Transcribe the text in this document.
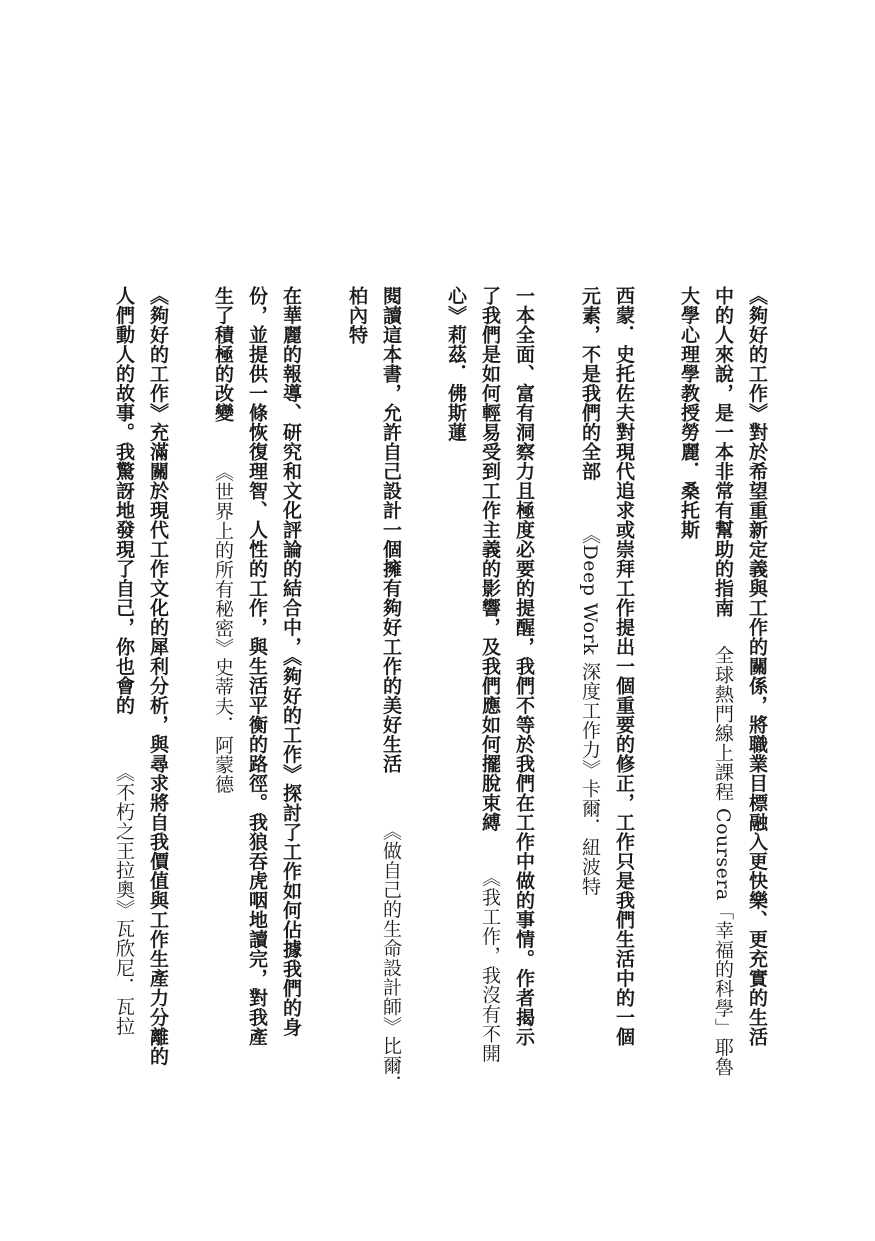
《夠好的工作》對於希望重新定義與工作的關係，將職業目標融入更快樂、更充實的生活
中的人來說，是一本非常有幫助的指南全球熱門線上課程 Coursera「幸福的科學」耶魯
大學心理學教授勞麗．桑托斯
西蒙．史托佐夫對現代追求或崇拜工作提出一個重要的修正，工作只是我們生活中的一個
元素，不是我們的全部《Deep Work 深度工作力》卡爾．紐波特
一本全面、富有洞察力且極度必要的提醒，我們不等於我們在工作中做的事情。作者揭示
了我們是如何輕易受到工作主義的影響，及我們應如何擺脫束縛《我工作，我沒有不開
心》莉茲．佛斯蓮
閱讀這本書，允許自己設計一個擁有夠好工作的美好生活《做自己的生命設計師》比爾．
柏內特
在華麗的報導、研究和文化評論的結合中，《夠好的工作》探討了工作如何佔據我們的身
份，並提供一條恢復理智、人性的工作，與生活平衡的路徑。我狼吞虎咽地讀完，對我產
生了積極的改變《世界上的所有秘密》史蒂夫．阿蒙德
《夠好的工作》充滿關於現代工作文化的犀利分析，與尋求將自我價值與工作生產力分離的
人們動人的故事。我驚訝地發現了自己，你也會的《不朽之王拉奧》瓦欣尼．瓦拉
